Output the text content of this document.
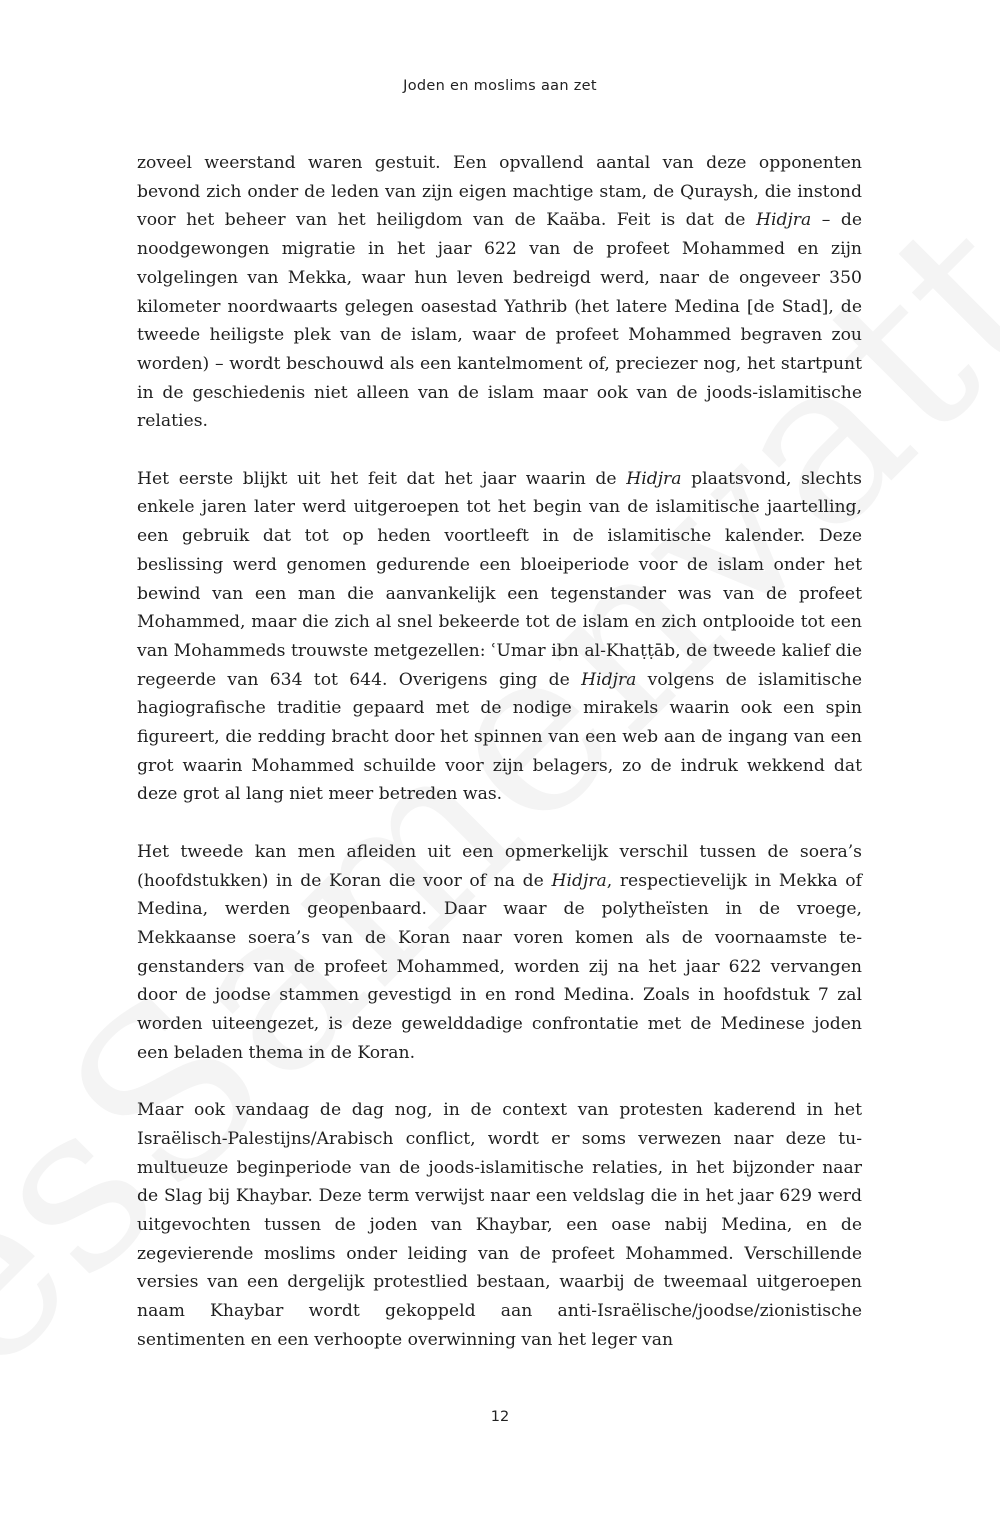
Joden en moslims aan zet

zoveel weerstand waren gestuit. Een opvallend aantal van deze opponenten bevond zich onder de leden van zijn eigen machtige stam, de Quraysh, die instond voor het beheer van het heiligdom van de Kaäba. Feit is dat de Hidjra – de noodgewongen migratie in het jaar 622 van de profeet Mohammed en zijn volgelingen van Mekka, waar hun leven bedreigd werd, naar de ongeveer 350 kilometer noordwaarts gelegen oasestad Yathrib (het latere Medina [de Stad], de tweede heiligste plek van de islam, waar de profeet Mohammed begraven zou worden) – wordt beschouwd als een kantelmoment of, preciezer nog, het startpunt in de geschiedenis niet alleen van de islam maar ook van de joods-islamitische relaties.

Het eerste blijkt uit het feit dat het jaar waarin de Hidjra plaatsvond, slechts enkele jaren later werd uitgeroepen tot het begin van de islamitische jaartelling, een gebruik dat tot op heden voortleeft in de islamitische kalender. Deze beslissing werd genomen gedurende een bloeiperiode voor de islam onder het bewind van een man die aanvankelijk een tegenstander was van de profeet Mohammed, maar die zich al snel bekeerde tot de islam en zich ontplooide tot een van Mohammeds trouwste metgezellen: ʿUmar ibn al-Khaṭṭāb, de tweede kalief die regeerde van 634 tot 644. Overigens ging de Hidjra volgens de islamitische hagiografische traditie gepaard met de nodige mirakels waarin ook een spin figureert, die redding bracht door het spinnen van een web aan de ingang van een grot waarin Mohammed schuilde voor zijn belagers, zo de indruk wekkend dat deze grot al lang niet meer betreden was.

Het tweede kan men afleiden uit een opmerkelijk verschil tussen de soera’s (hoofdstukken) in de Koran die voor of na de Hidjra, respectievelijk in Mekka of Medina, werden geopenbaard. Daar waar de polytheïsten in de vroege, Mekkaanse soera’s van de Koran naar voren komen als de voornaamste tegenstanders van de profeet Mohammed, worden zij na het jaar 622 vervangen door de joodse stammen gevestigd in en rond Medina. Zoals in hoofdstuk 7 zal worden uiteengezet, is deze gewelddadige confrontatie met de Medinese joden een beladen thema in de Koran.

Maar ook vandaag de dag nog, in de context van protesten kaderend in het Israëlisch-Palestijns/Arabisch conflict, wordt er soms verwezen naar deze tumultueuze beginperiode van de joods-islamitische relaties, in het bijzonder naar de Slag bij Khaybar. Deze term verwijst naar een veldslag die in het jaar 629 werd uitgevochten tussen de joden van Khaybar, een oase nabij Medina, en de zegevierende moslims onder leiding van de profeet Mohammed. Verschillende versies van een dergelijk protestlied bestaan, waarbij de tweemaal uitgeroepen naam Khaybar wordt gekoppeld aan anti-Israëlische/joodse/zionistische sentimenten en een verhoopte overwinning van het leger van

12
